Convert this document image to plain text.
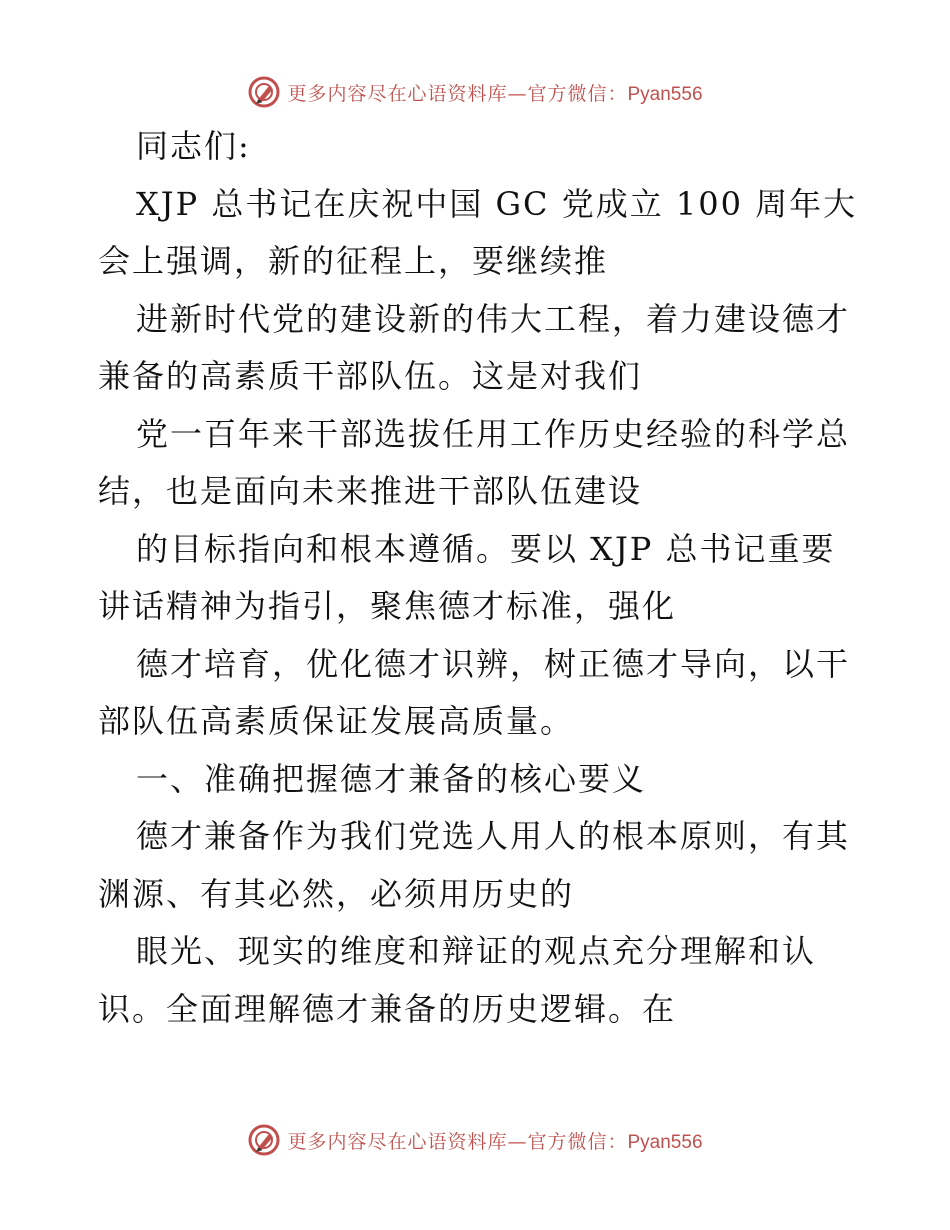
更多内容尽在心语资料库—官方微信：Pyan556

同志们:

XJP 总书记在庆祝中国 GC 党成立 100 周年大会上强调，新的征程上，要继续推

进新时代党的建设新的伟大工程，着力建设德才兼备的高素质干部队伍。这是对我们

党一百年来干部选拔任用工作历史经验的科学总结，也是面向未来推进干部队伍建设

的目标指向和根本遵循。要以 XJP 总书记重要讲话精神为指引，聚焦德才标准，强化

德才培育，优化德才识辨，树正德才导向，以干部队伍高素质保证发展高质量。

一、准确把握德才兼备的核心要义

德才兼备作为我们党选人用人的根本原则，有其渊源、有其必然，必须用历史的

眼光、现实的维度和辩证的观点充分理解和认识。全面理解德才兼备的历史逻辑。在

更多内容尽在心语资料库—官方微信：Pyan556
